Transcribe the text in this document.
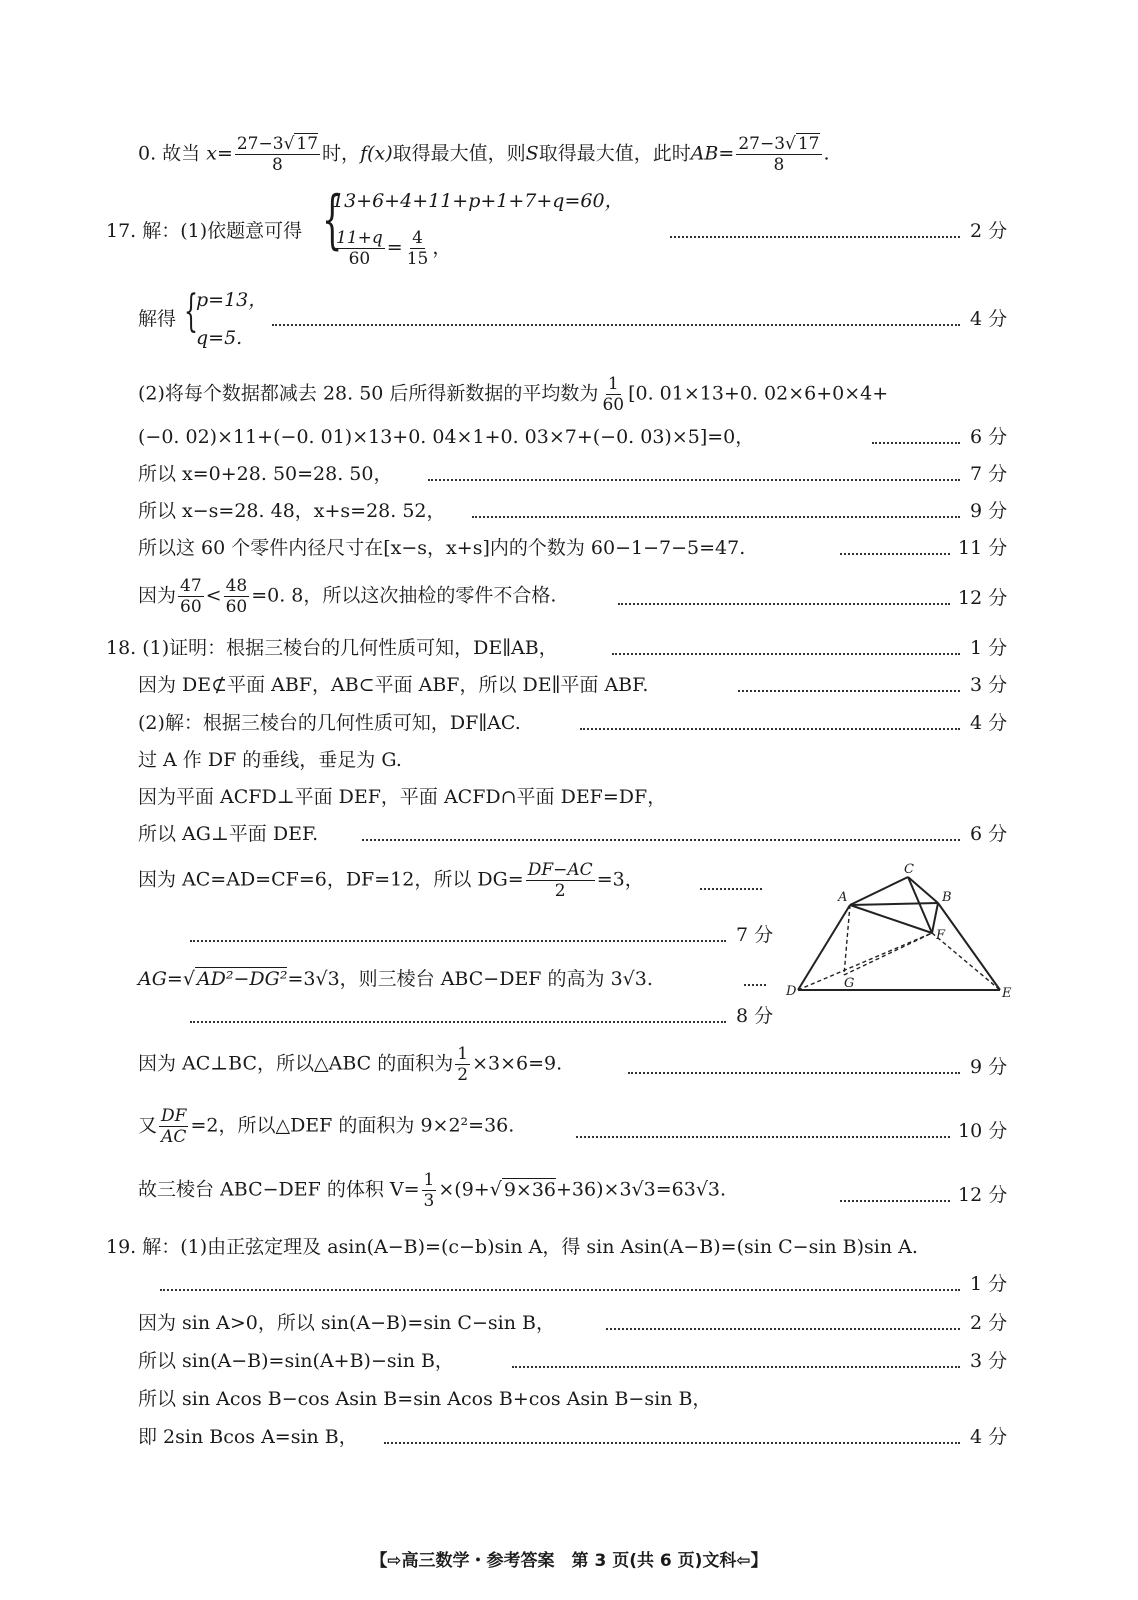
0. 故当 $x= \frac{27-3√ 17}{8}$ 时，f(x)取得最大值，则S取得最大值，此时$AB= \frac{27-3√ 17}{8}$ .
17. 解：(1)依题意可得 {
13+6+4+11+p+1+7+q=60，
$\frac{11+q}{60} = \frac{4}{15}$ ，
2 分
解得 {
p=13，
q=5.
4 分
(2)将每个数据都减去 28. 50 后所得新数据的平均数为 $\frac{1}{60} [0$. 01×13+0. 02×6+0×4+
(−0. 02)×11+(−0. 01)×13+0. 04×1+0. 03×7+(−0. 03)×5]=0，	6 分
所以 x=0+28. 50=28. 50，	7 分
所以 x−s=28. 48，x+s=28. 52，	9 分
所以这 60 个零件内径尺寸在[x−s，x+s]内的个数为 60−1−7−5=47.	11 分
因为 $\frac{47}{60} < \frac{48}{60} =0$. 8，所以这次抽检的零件不合格.	12 分
18. (1)证明：根据三棱台的几何性质可知，DE∥AB，	1 分
因为 DE⊄平面 ABF，AB⊂平面 ABF，所以 DE∥平面 ABF.	3 分
(2)解：根据三棱台的几何性质可知，DF∥AC.	4 分
过 A 作 DF 的垂线，垂足为 G.
因为平面 ACFD⊥平面 DEF，平面 ACFD∩平面 DEF=DF，
所以 AG⊥平面 DEF.	6 分
因为 AC=AD=CF=6，DF=12，所以 $DG= \frac{DF-AC}{2} =3$，
7 分
AG=√ AD²−DG²=3√3，则三棱台 ABC−DEF 的高为 3√3.
8 分
A	B
C
D	E
F
G
因为 AC⊥BC，所以△ABC 的面积为 $\frac{1}{2} \times 3\times 6=9$.	9 分
又 $\frac{DF}{AC} =2$，所以△DEF 的面积为 9×2²=36.	10 分
故三棱台 ABC−DEF 的体积 $V= \frac{1}{3} \times(9+√$ 9×36+36)×3√3=63√3.	12 分
19. 解：(1)由正弦定理及 asin(A−B)=(c−b)sin A，得 sin Asin(A−B)=(sin C−sin B)sin A.
1 分
因为 sin A>0，所以 sin(A−B)=sin C−sin B，	2 分
所以 sin(A−B)=sin(A+B)−sin B，	3 分
所以 sin Acos B−cos Asin B=sin Acos B+cos Asin B−sin B，
即 2sin Bcos A=sin B，	4 分
【⇨高三数学・参考答案　第 3 页(共 6 页)文科⇦】
